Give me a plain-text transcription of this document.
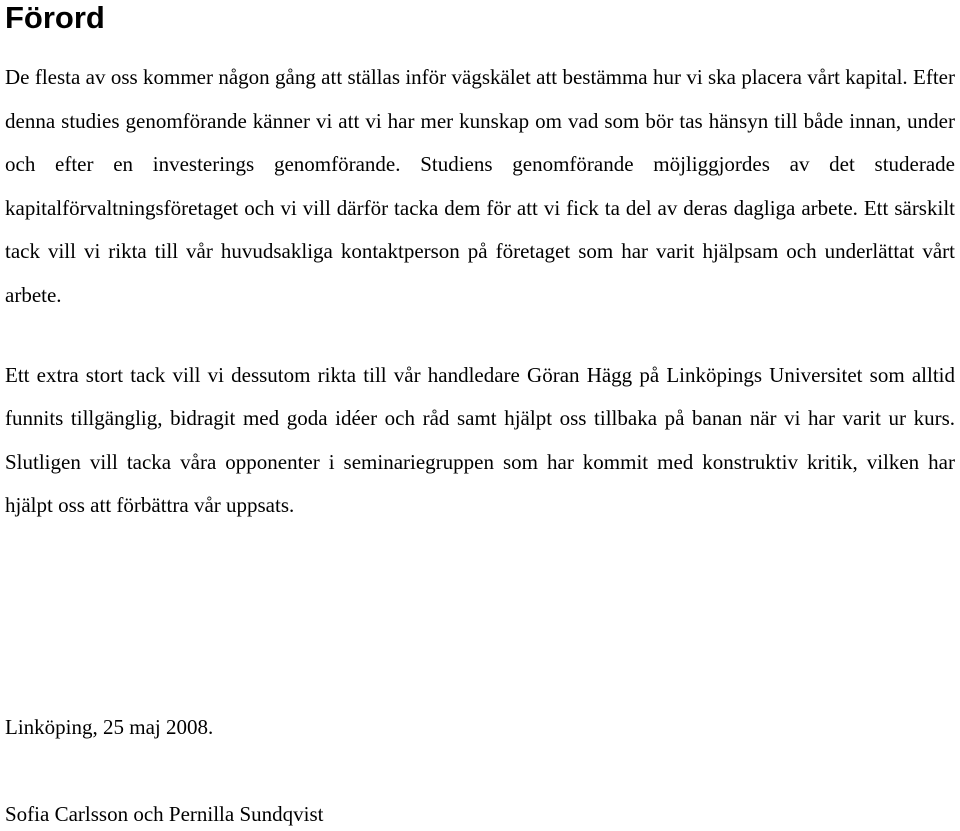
Förord

De flesta av oss kommer någon gång att ställas inför vägskälet att bestämma hur vi ska placera vårt kapital. Efter denna studies genomförande känner vi att vi har mer kunskap om vad som bör tas hänsyn till både innan, under och efter en investerings genomförande. Studiens genomförande möjliggjordes av det studerade kapitalförvaltningsföretaget och vi vill därför tacka dem för att vi fick ta del av deras dagliga arbete. Ett särskilt tack vill vi rikta till vår huvudsakliga kontaktperson på företaget som har varit hjälpsam och underlättat vårt arbete.

Ett extra stort tack vill vi dessutom rikta till vår handledare Göran Hägg på Linköpings Universitet som alltid funnits tillgänglig, bidragit med goda idéer och råd samt hjälpt oss tillbaka på banan när vi har varit ur kurs. Slutligen vill tacka våra opponenter i seminariegruppen som har kommit med konstruktiv kritik, vilken har hjälpt oss att förbättra vår uppsats.

Linköping, 25 maj 2008.

Sofia Carlsson och Pernilla Sundqvist
